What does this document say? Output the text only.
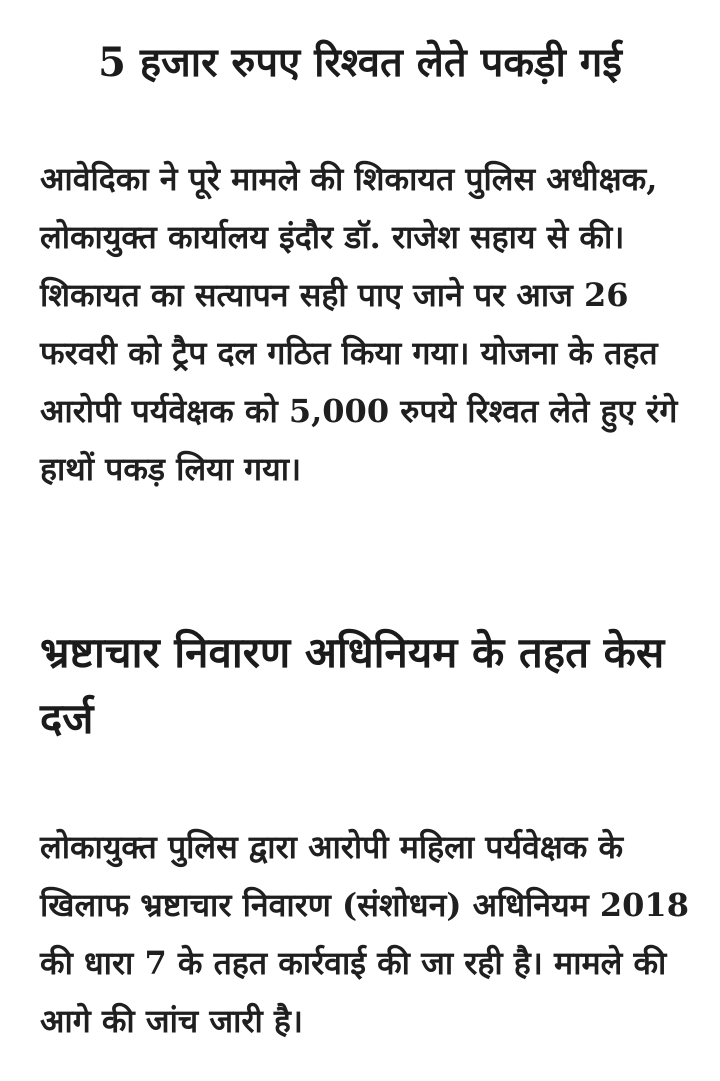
5 हजार रुपए रिश्वत लेते पकड़ी गई

आवेदिका ने पूरे मामले की शिकायत पुलिस अधीक्षक, लोकायुक्त कार्यालय इंदौर डॉ. राजेश सहाय से की। शिकायत का सत्यापन सही पाए जाने पर आज 26 फरवरी को ट्रैप दल गठित किया गया। योजना के तहत आरोपी पर्यवेक्षक को 5,000 रुपये रिश्वत लेते हुए रंगे हाथों पकड़ लिया गया।

भ्रष्टाचार निवारण अधिनियम के तहत केस दर्ज

लोकायुक्त पुलिस द्वारा आरोपी महिला पर्यवेक्षक के खिलाफ भ्रष्टाचार निवारण (संशोधन) अधिनियम 2018 की धारा 7 के तहत कार्रवाई की जा रही है। मामले की आगे की जांच जारी है।
